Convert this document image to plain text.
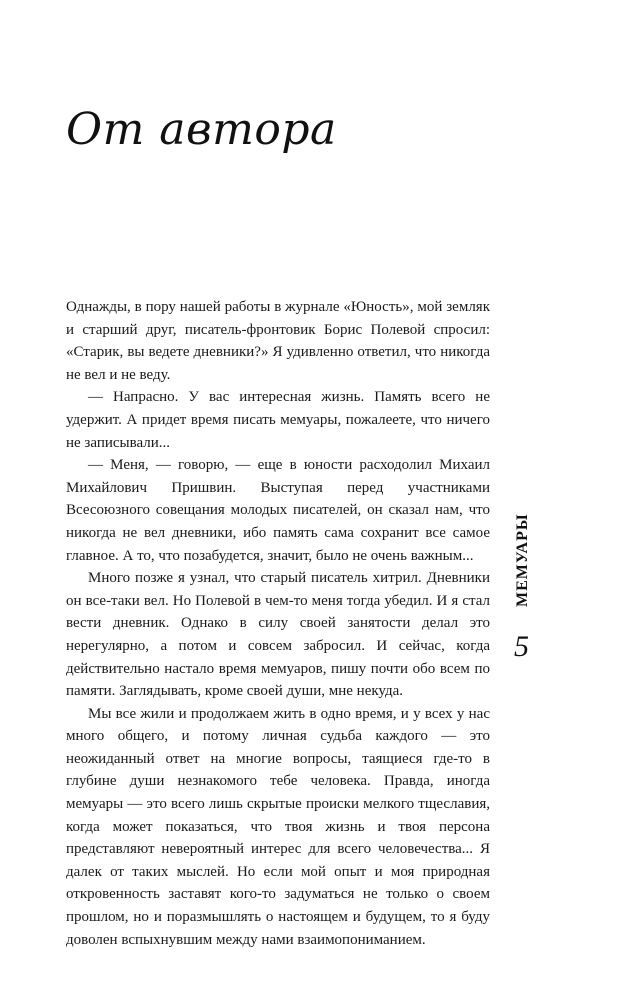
От автора

Однажды, в пору нашей работы в журнале «Юность», мой земляк и старший друг, писатель-фронтовик Борис Полевой спросил: «Старик, вы ведете дневники?» Я удивленно ответил, что никогда не вел и не веду.

— Напрасно. У вас интересная жизнь. Память всего не удержит. А придет время писать мемуары, пожалеете, что ничего не записывали...

— Меня, — говорю, — еще в юности расходолил Михаил Михайлович Пришвин. Выступая перед участниками Всесоюзного совещания молодых писателей, он сказал нам, что никогда не вел дневники, ибо память сама сохранит все самое главное. А то, что позабудется, значит, было не очень важным...

Много позже я узнал, что старый писатель хитрил. Дневники он все-таки вел. Но Полевой в чем-то меня тогда убедил. И я стал вести дневник. Однако в силу своей занятости делал это нерегулярно, а потом и совсем забросил. И сейчас, когда действительно настало время мемуаров, пишу почти обо всем по памяти. Заглядывать, кроме своей души, мне некуда.

Мы все жили и продолжаем жить в одно время, и у всех у нас много общего, и потому личная судьба каждого — это неожиданный ответ на многие вопросы, таящиеся где-то в глубине души незнакомого тебе человека. Правда, иногда мемуары — это всего лишь скрытые происки мелкого тщеславия, когда может показаться, что твоя жизнь и твоя персона представляют невероятный интерес для всего человечества... Я далек от таких мыслей. Но если мой опыт и моя природная откровенность заставят кого-то задуматься не только о своем прошлом, но и поразмышлять о настоящем и будущем, то я буду доволен вспыхнувшим между нами взаимопониманием.

МЕМУАРЫ
5
